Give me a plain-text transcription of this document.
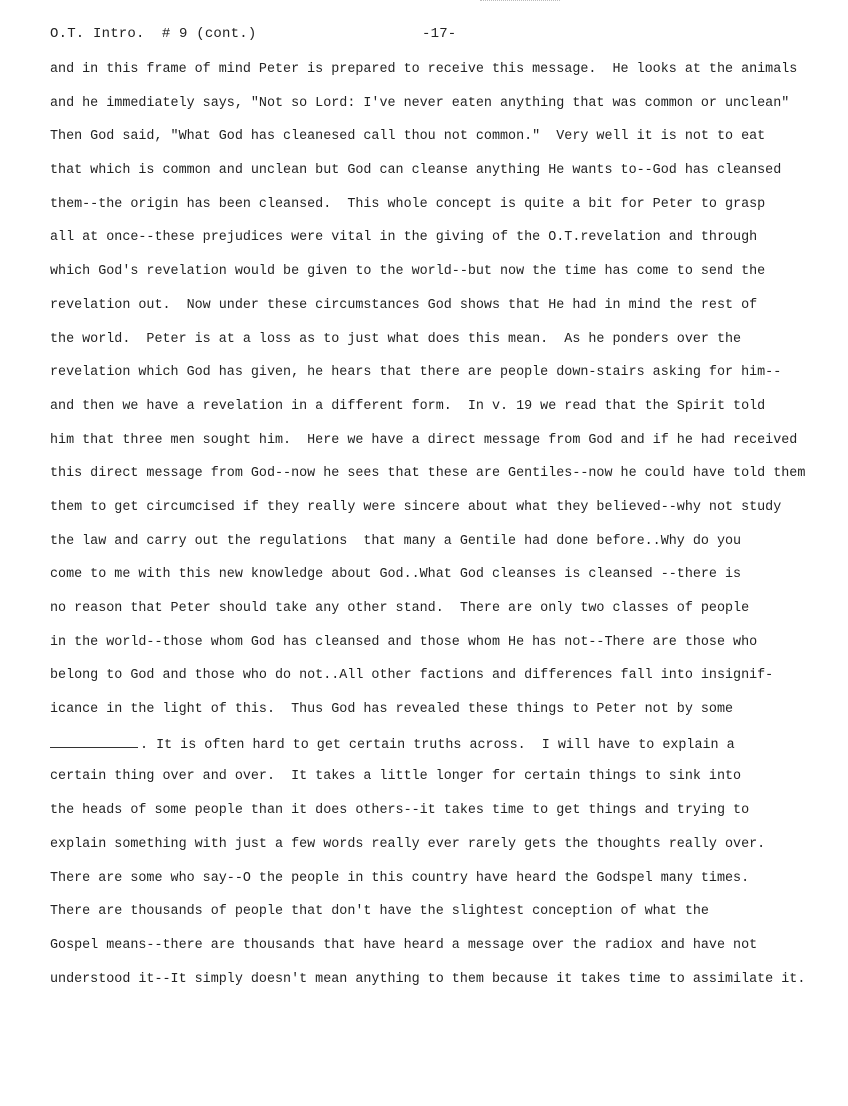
O.T. Intro.  # 9 (cont.)	-17-
and in this frame of mind Peter is prepared to receive this message.  He looks at the animals
and he immediately says, "Not so Lord: I've never eaten anything that was common or unclean"
Then God said, "What God has cleanesed call thou not common."  Very well it is not to eat
that which is common and unclean but God can cleanse anything He wants to--God has cleansed
them--the origin has been cleansed.  This whole concept is quite a bit for Peter to grasp
all at once--these prejudices were vital in the giving of the O.T.revelation and through
which God's revelation would be given to the world--but now the time has come to send the
revelation out.  Now under these circumstances God shows that He had in mind the rest of
the world.  Peter is at a loss as to just what does this mean.  As he ponders over the
revelation which God has given, he hears that there are people down-stairs asking for him--
and then we have a revelation in a different form.  In v. 19 we read that the Spirit told
him that three men sought him.  Here we have a direct message from God and if he had received
this direct message from God--now he sees that these are Gentiles--now he could have told them
them to get circumcised if they really were sincere about what they believed--why not study
the law and carry out the regulations  that many a Gentile had done before..Why do you
come to me with this new knowledge about God..What God cleanses is cleansed --there is
no reason that Peter should take any other stand.  There are only two classes of people
in the world--those whom God has cleansed and those whom He has not--There are those who
belong to God and those who do not..All other factions and differences fall into insignif-
icance in the light of this.  Thus God has revealed these things to Peter not by some
. It is often hard to get certain truths across.  I will have to explain a
certain thing over and over.  It takes a little longer for certain things to sink into
the heads of some people than it does others--it takes time to get things and trying to
explain something with just a few words really ever rarely gets the thoughts really over.
There are some who say--O the people in this country have heard the Godspel many times.
There are thousands of people that don't have the slightest conception of what the
Gospel means--there are thousands that have heard a message over the radiox and have not
understood it--It simply doesn't mean anything to them because it takes time to assimilate it.
